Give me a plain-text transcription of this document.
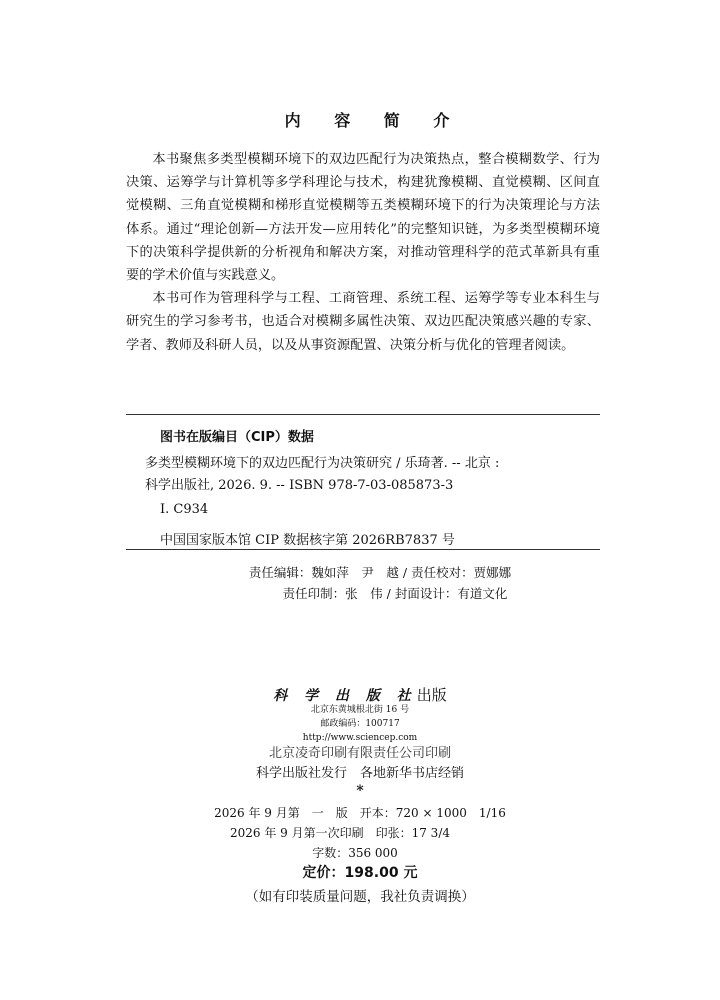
内 容 简 介

本书聚焦多类型模糊环境下的双边匹配行为决策热点，整合模糊数学、行为决策、运筹学与计算机等多学科理论与技术，构建犹豫模糊、直觉模糊、区间直觉模糊、三角直觉模糊和梯形直觉模糊等五类模糊环境下的行为决策理论与方法体系。通过“理论创新—方法开发—应用转化”的完整知识链，为多类型模糊环境下的决策科学提供新的分析视角和解决方案，对推动管理科学的范式革新具有重要的学术价值与实践意义。

本书可作为管理科学与工程、工商管理、系统工程、运筹学等专业本科生与研究生的学习参考书，也适合对模糊多属性决策、双边匹配决策感兴趣的专家、学者、教师及科研人员，以及从事资源配置、决策分析与优化的管理者阅读。

图书在版编目（CIP）数据
多类型模糊环境下的双边匹配行为决策研究 / 乐琦著. -- 北京 :
科学出版社, 2026. 9. -- ISBN 978-7-03-085873-3
Ⅰ. C934
中国国家版本馆 CIP 数据核字第 2026RB7837 号
责任编辑：魏如萍　尹　越 / 责任校对：贾娜娜
责任印制：张　伟 / 封面设计：有道文化
科 学 出 版 社出版
北京东黄城根北街 16 号
邮政编码：100717
http://www.sciencep.com
北京凌奇印刷有限责任公司印刷
科学出版社发行　各地新华书店经销
*
2026 年 9 月第　一　版　开本：720 × 1000　1/16
2026 年 9 月第一次印刷　印张：17 3/4
字数：356 000
定价：198.00 元
（如有印装质量问题，我社负责调换）
